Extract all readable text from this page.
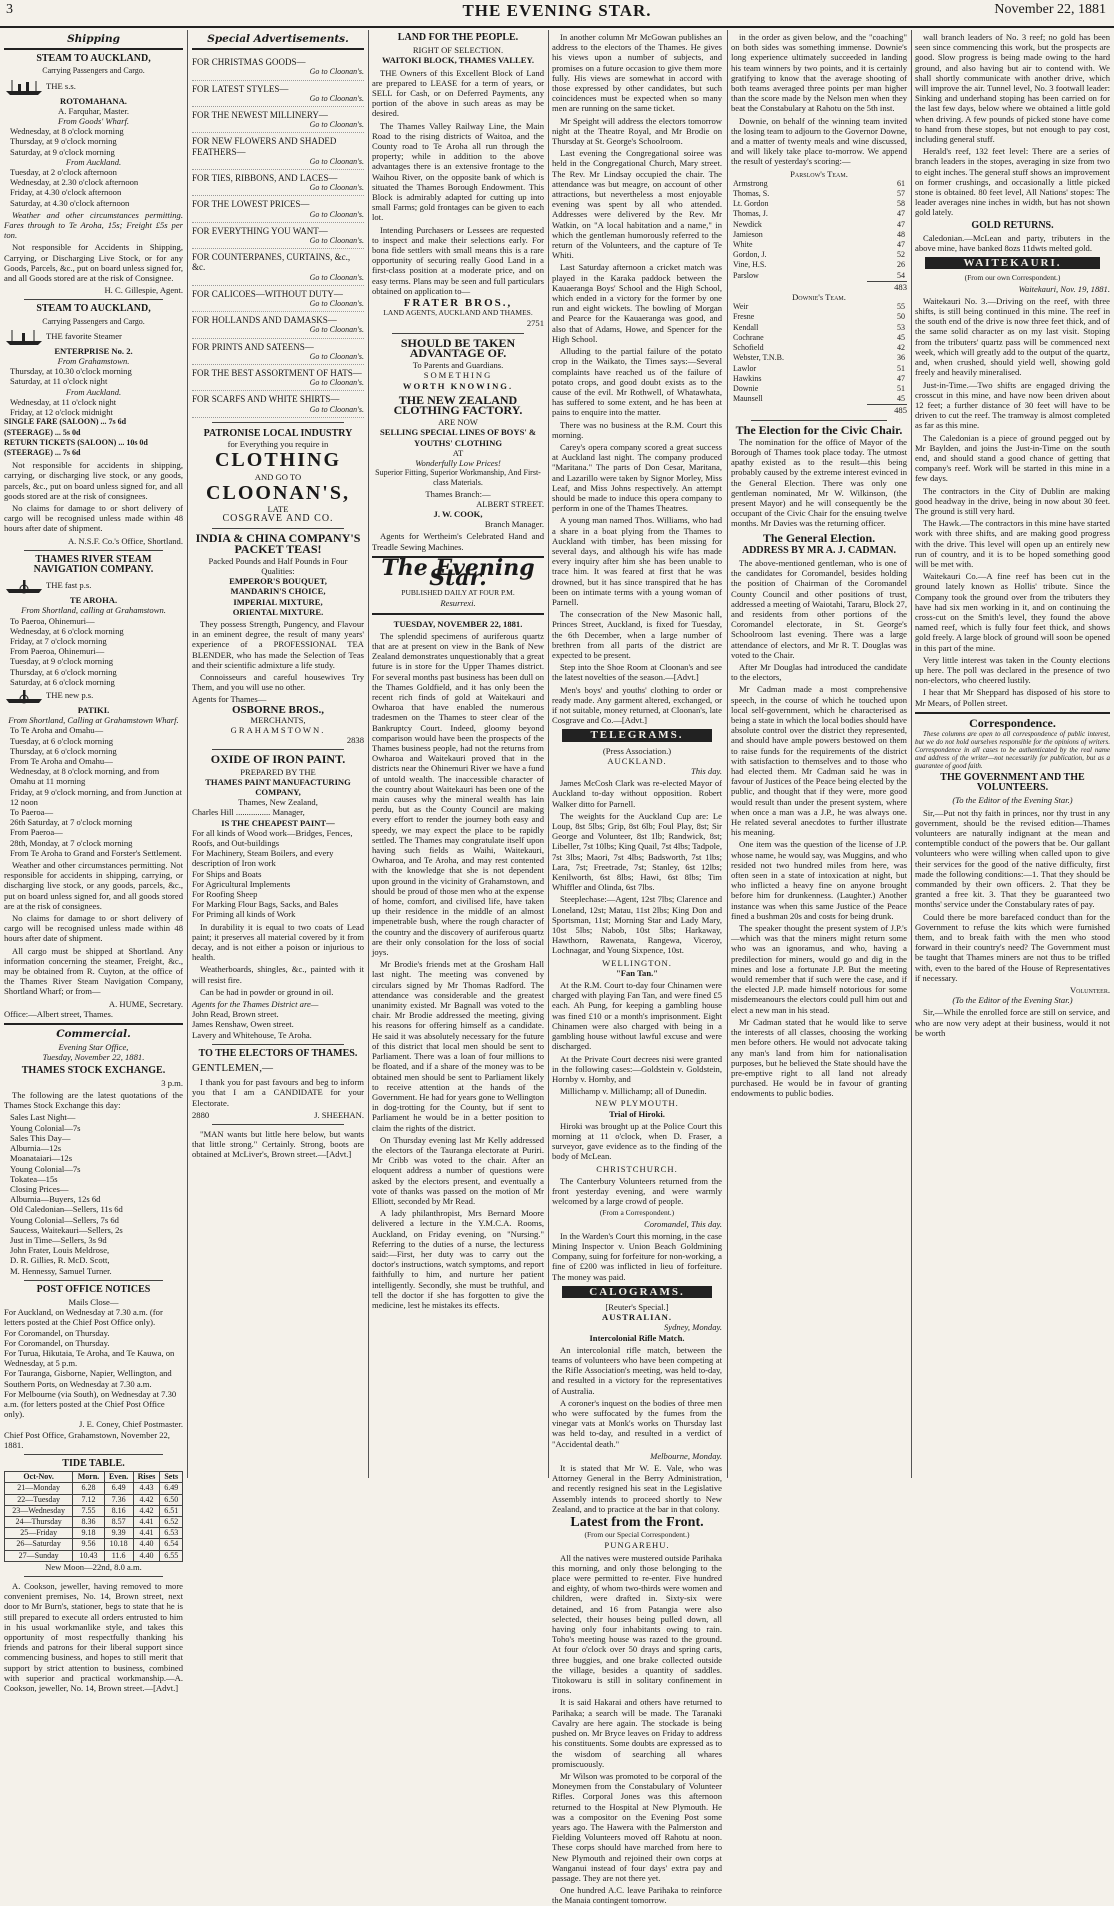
3	THE EVENING STAR.	November 22, 1881
Shipping
STEAM TO AUCKLAND,
Carrying Passengers and Cargo.
THE s.s.
ROTOMAHANA.
A. Farquhar, Master.
From Goods' Wharf.
Wednesday, at 8 o'clock morning
Thursday, at 9 o'clock morning
Saturday, at 9 o'clock morning
From Auckland.
Tuesday, at 2 o'clock afternoon
Wednesday, at 2.30 o'clock afternoon
Friday, at 4.30 o'clock afternoon
Saturday, at 4.30 o'clock afternoon

Weather and other circumstances permitting. Fares through to Te Aroha, 15s; Freight £5s per ton.

Not responsible for Accidents in Shipping, Carrying, or Discharging Live Stock, or for any Goods, Parcels, &c., put on board unless signed for, and all Goods stored are at the risk of Consignee.

H. C. Gillespie, Agent.
STEAM TO AUCKLAND,
Carrying Passengers and Cargo.
THE favorite Steamer
ENTERPRISE No. 2.
From Grahamstown.
Thursday, at 10.30 o'clock morning
Saturday, at 11 o'clock night
From Auckland.
Wednesday, at 11 o'clock night
Friday, at 12 o'clock midnight
SINGLE FARE (SALOON) ... 7s 6d
(STEERAGE) ... 5s 0d
RETURN TICKETS (SALOON) ... 10s 0d
(STEERAGE) ... 7s 6d

Not responsible for accidents in shipping, carrying, or discharging live stock, or any goods, parcels, &c., put on board unless signed for, and all goods stored are at the risk of consignees.

No claims for damage to or short delivery of cargo will be recognised unless made within 48 hours after date of shipment.

A. N.S.F. Co.'s Office, Shortland.
THAMES RIVER STEAM NAVIGATION COMPANY.
THE fast p.s.
TE AROHA.
From Shortland, calling at Grahamstown.
To Paeroa, Ohinemuri—
Wednesday, at 6 o'clock morning
Friday, at 7 o'clock morning
From Paeroa, Ohinemuri—
Tuesday, at 9 o'clock morning
Thursday, at 6 o'clock morning
Saturday, at 6 o'clock morning
THE new p.s.
PATIKI.
From Shortland, Calling at Grahamstown Wharf.
To Te Aroha and Omahu—
Tuesday, at 6 o'clock morning
Thursday, at 6 o'clock morning
From Te Aroha and Omahu—
Wednesday, at 8 o'clock morning, and from Omahu at 11 morning
Friday, at 9 o'clock morning, and from Junction at 12 noon
To Paeroa—
26th Saturday, at 7 o'clock morning
From Paeroa—
28th, Monday, at 7 o'clock morning
From Te Aroha to Grand and Forster's Settlement.

Weather and other circumstances permitting. Not responsible for accidents in shipping, carrying, or discharging live stock, or any goods, parcels, &c., put on board unless signed for, and all goods stored are at the risk of consignees.

No claims for damage to or short delivery of cargo will be recognised unless made within 48 hours after date of shipment.

All cargo must be shipped at Shortland. Any information concerning the steamer, Freight, &c., may be obtained from R. Cuyton, at the office of the Thames River Steam Navigation Company, Shortland Wharf; or from—

A. HUME, Secretary.
Office:—Albert street, Thames.
Commercial.
Evening Star Office,
Tuesday, November 22, 1881.
THAMES STOCK EXCHANGE.
3 p.m.

The following are the latest quotations of the Thames Stock Exchange this day:

Sales Last Night—
Young Colonial—7s
Sales This Day—
Alburnia—12s
Moanataiari—12s
Young Colonial—7s
Tokatea—15s
Closing Prices—
Alburnia—Buyers, 12s 6d
Old Caledonian—Sellers, 11s 6d
Young Colonial—Sellers, 7s 6d
Saucess, Waitekauri—Sellers, 2s
Just in Time—Sellers, 3s 9d
John Frater, Louis Meldrose,
D. R. Gillies, R. McD. Scott,
M. Hennessy, Samuel Turner.
POST OFFICE NOTICES
Mails Close—
For Auckland, on Wednesday at 7.30 a.m. (for letters posted at the Chief Post Office only).
For Coromandel, on Thursday.
For Coromandel, on Thursday.
For Turua, Hikutaia, Te Aroha, and Te Kauwa, on Wednesday, at 5 p.m.
For Tauranga, Gisborne, Napier, Wellington, and Southern Ports, on Wednesday at 7.30 a.m.
For Melbourne (via South), on Wednesday at 7.30 a.m. (for letters posted at the Chief Post Office only).
J. E. Coney, Chief Postmaster.
Chief Post Office, Grahamstown, November 22, 1881.
TIDE TABLE.
Oct-Nov.	Morn.	Even.	Rises	Sets
21—Monday	6.28	6.49	4.43	6.49
22—Tuesday	7.12	7.36	4.42	6.50
23—Wednesday	7.55	8.16	4.42	6.51
24—Thursday	8.36	8.57	4.41	6.52
25—Friday	9.18	9.39	4.41	6.53
26—Saturday	9.56	10.18	4.40	6.54
27—Sunday	10.43	11.6	4.40	6.55
New Moon—22nd, 8.0 a.m.

A. Cookson, jeweller, having removed to more convenient premises, No. 14, Brown street, next door to Mr Burn's, stationer, begs to state that he is still prepared to execute all orders entrusted to him in his usual workmanlike style, and takes this opportunity of most respectfully thanking his friends and patrons for their liberal support since commencing business, and hopes to still merit that support by strict attention to business, combined with superior and practical workmanship.—A. Cookson, jeweller, No. 14, Brown street.—[Advt.]

Special Advertisements.
FOR CHRISTMAS GOODS—
Go to Cloonan's.
FOR LATEST STYLES—
Go to Cloonan's.
FOR THE NEWEST MILLINERY—
Go to Cloonan's.
FOR NEW FLOWERS AND SHADED FEATHERS—
Go to Cloonan's.
FOR TIES, RIBBONS, AND LACES—
Go to Cloonan's.
FOR THE LOWEST PRICES—
Go to Cloonan's.
FOR EVERYTHING YOU WANT—
Go to Cloonan's.
FOR COUNTERPANES, CURTAINS, &c., &c.
Go to Cloonan's.
FOR CALICOES—WITHOUT DUTY—
Go to Cloonan's.
FOR HOLLANDS AND DAMASKS—
Go to Cloonan's.
FOR PRINTS AND SATEENS—
Go to Cloonan's.
FOR THE BEST ASSORTMENT OF HATS—
Go to Cloonan's.
FOR SCARFS AND WHITE SHIRTS—
Go to Cloonan's.
PATRONISE LOCAL INDUSTRY
for Everything you require in
CLOTHING
AND GO TO
CLOONAN'S,
LATE
COSGRAVE AND CO.
INDIA & CHINA COMPANY'S PACKET TEAS!
Packed Pounds and Half Pounds in Four Qualities:
EMPEROR'S BOUQUET,
MANDARIN'S CHOICE,
IMPERIAL MIXTURE,
ORIENTAL MIXTURE.

They possess Strength, Pungency, and Flavour in an eminent degree, the result of many years' experience of a PROFESSIONAL TEA BLENDER, who has made the Selection of Teas and their scientific admixture a life study.

Connoisseurs and careful housewives Try Them, and you will use no other.

Agents for Thames—
OSBORNE BROS.,
MERCHANTS,
GRAHAMSTOWN.
2838
OXIDE OF IRON PAINT.
PREPARED BY THE
THAMES PAINT MANUFACTURING COMPANY,
Thames, New Zealand,
Charles Hill ................ Manager,
IS THE CHEAPEST PAINT—
For all kinds of Wood work—Bridges, Fences, Roofs, and Out-buildings
For Machinery, Steam Boilers, and every description of Iron work
For Ships and Boats
For Agricultural Implements
For Roofing Sheep
For Marking Flour Bags, Sacks, and Bales
For Priming all kinds of Work

In durability it is equal to two coats of Lead paint; it preserves all material covered by it from decay, and is not either a poison or injurious to health.

Weatherboards, shingles, &c., painted with it will resist fire.

Can be had in powder or ground in oil.

Agents for the Thames District are—
John Read, Brown street.
James Renshaw, Owen street.
Lavery and Whitehouse, Te Aroha.
TO THE ELECTORS OF THAMES.
GENTLEMEN,—

I thank you for past favours and beg to inform you that I am a CANDIDATE for your Electorate.

2880	J. SHEEHAN.

"MAN wants but little here below, but wants that little strong." Certainly. Strong, boots are obtained at McLiver's, Brown street.—[Advt.]

LAND FOR THE PEOPLE.
RIGHT OF SELECTION.
WAITOKI BLOCK, THAMES VALLEY.

THE Owners of this Excellent Block of Land are prepared to LEASE for a term of years, or SELL for Cash, or on Deferred Payments, any portion of the above in such areas as may be desired.

The Thames Valley Railway Line, the Main Road to the rising districts of Waitoa, and the County road to Te Aroha all run through the property; while in addition to the above advantages there is an extensive frontage to the Waihou River, on the opposite bank of which is situated the Thames Borough Endowment. This Block is admirably adapted for cutting up into small Farms; gold frontages can be given to each lot.

Intending Purchasers or Lessees are requested to inspect and make their selections early. For bona fide settlers with small means this is a rare opportunity of securing really Good Land in a first-class position at a moderate price, and on easy terms. Plans may be seen and full particulars obtained on application to—

FRATER BROS.,
LAND AGENTS, AUCKLAND AND THAMES.
2751
SHOULD BE TAKEN ADVANTAGE OF.
To Parents and Guardians.
SOMETHING
WORTH KNOWING.
THE NEW ZEALAND CLOTHING FACTORY.
ARE NOW
SELLING SPECIAL LINES OF BOYS' & YOUTHS' CLOTHING
AT
Wonderfully Low Prices!
Superior Fitting, Superior Workmanship, And First-class Materials.
Thames Branch:—
ALBERT STREET.
J. W. COOK,
Branch Manager.

Agents for Wertheim's Celebrated Hand and Treadle Sewing Machines.

The Evening Star.
PUBLISHED DAILY AT FOUR P.M.
Resurrexi.
TUESDAY, NOVEMBER 22, 1881.

The splendid specimens of auriferous quartz that are at present on view in the Bank of New Zealand demonstrates unquestionably that a great future is in store for the Upper Thames district. For several months past business has been dull on the Thames Goldfield, and it has only been the recent rich finds of gold at Waitekauri and Owharoa that have enabled the numerous tradesmen on the Thames to steer clear of the Bankruptcy Court. Indeed, gloomy beyond comparison would have been the prospects of the Thames business people, had not the returns from Owharoa and Waitekauri proved that in the districts near the Ohinemuri River we have a fund of untold wealth. The inaccessible character of the country about Waitekauri has been one of the main causes why the mineral wealth has lain perdu, but as the County Council are making every effort to render the journey both easy and speedy, we may expect the place to be rapidly settled. The Thames may congratulate itself upon having such fields as Waihi, Waitekauri, Owharoa, and Te Aroha, and may rest contented with the knowledge that she is not dependent upon ground in the vicinity of Grahamstown, and should be proud of those men who at the expense of home, comfort, and civilised life, have taken up their residence in the middle of an almost impenetrable bush, where the rough character of the country and the discovery of auriferous quartz are their only consolation for the loss of social joys.

Mr Brodie's friends met at the Grosham Hall last night. The meeting was convened by circulars signed by Mr Thomas Radford. The attendance was considerable and the greatest unanimity existed. Mr Bagnall was voted to the chair. Mr Brodie addressed the meeting, giving his reasons for offering himself as a candidate. He said it was absolutely necessary for the future of this district that local men should be sent to Parliament. There was a loan of four millions to be floated, and if a share of the money was to be obtained men should be sent to Parliament likely to receive attention at the hands of the Government. He had for years gone to Wellington in dog-trotting for the County, but if sent to Parliament he would be in a better position to claim the rights of the district.

On Thursday evening last Mr Kelly addressed the electors of the Tauranga electorate at Puriri. Mr Cribb was voted to the chair. After an eloquent address a number of questions were asked by the electors present, and eventually a vote of thanks was passed on the motion of Mr Elliott, seconded by Mr Read.

A lady philanthropist, Mrs Bernard Moore delivered a lecture in the Y.M.C.A. Rooms, Auckland, on Friday evening, on "Nursing." Referring to the duties of a nurse, the lecturess said:—First, her duty was to carry out the doctor's instructions, watch symptoms, and report faithfully to him, and nurture her patient intelligently. Secondly, she must be truthful, and tell the doctor if she has forgotten to give the medicine, lest he mistakes its effects.

In another column Mr McGowan publishes an address to the electors of the Thames. He gives his views upon a number of subjects, and promises on a future occasion to give them more fully. His views are somewhat in accord with those expressed by other candidates, but such coincidences must be expected when so many men are running on the same ticket.

Mr Speight will address the electors tomorrow night at the Theatre Royal, and Mr Brodie on Thursday at St. George's Schoolroom.

Last evening the Congregational soiree was held in the Congregational Church, Mary street. The Rev. Mr Lindsay occupied the chair. The attendance was but meagre, on account of other attractions, but nevertheless a most enjoyable evening was spent by all who attended. Addresses were delivered by the Rev. Mr Watkin, on "A local habitation and a name," in which the gentleman humorously referred to the return of the Volunteers, and the capture of Te Whiti.

Last Saturday afternoon a cricket match was played in the Karaka paddock between the Kauaeranga Boys' School and the High School, which ended in a victory for the former by one run and eight wickets. The bowling of Morgan and Pearce for the Kauaeranga was good, and also that of Adams, Howe, and Spencer for the High School.

Alluding to the partial failure of the potato crop in the Waikato, the Times says:—Several complaints have reached us of the failure of potato crops, and good doubt exists as to the cause of the evil. Mr Rothwell, of Whatawhata, has suffered to some extent, and he has been at pains to enquire into the matter.

There was no business at the R.M. Court this morning.

Carey's opera company scored a great success at Auckland last night. The company produced "Maritana." The parts of Don Cesar, Maritana, and Lazarillo were taken by Signor Morley, Miss Leaf, and Miss Johns respectively. An attempt should be made to induce this opera company to perform in one of the Thames Theatres.

A young man named Thos. Williams, who had a share in a boat plying from the Thames to Auckland with timber, has been missing for several days, and although his wife has made every inquiry after him she has been unable to trace him. It was feared at first that he was drowned, but it has since transpired that he has been on intimate terms with a young woman of Parnell.

The consecration of the New Masonic hall, Princes Street, Auckland, is fixed for Tuesday, the 6th December, when a large number of brethren from all parts of the district are expected to be present.

Step into the Shoe Room at Cloonan's and see the latest novelties of the season.—[Advt.]

Men's boys' and youths' clothing to order or ready made. Any garment altered, exchanged, or if not suitable, money returned, at Cloonan's, late Cosgrave and Co.—[Advt.]

TELEGRAMS.
(Press Association.)
AUCKLAND.
This day.

James McCosh Clark was re-elected Mayor of Auckland to-day without opposition. Robert Walker ditto for Parnell.

The weights for the Auckland Cup are: Le Loup, 8st 5lbs; Grip, 8st 6lb; Foul Play, 8st; Sir George and Volunteer, 8st 1lb; Randwick, 8st; Libeller, 7st 10lbs; King Quail, 7st 4lbs; Tadpole, 7st 3lbs; Maori, 7st 4lbs; Badsworth, 7st 1lbs; Lara, 7st; Freetrade, 7st; Stanley, 6st 12lbs; Kenilworth, 6st 8lbs; Hawi, 6st 8lbs; Tim Whiffler and Olinda, 6st 7lbs.

Steeplechase:—Agent, 12st 7lbs; Clarence and Loneland, 12st; Matau, 11st 2lbs; King Don and Sportsman, 11st; Morning Star and Lady Mary, 10st 5lbs; Nabob, 10st 5lbs; Harkaway, Hawthorn, Rawenata, Rangewa, Viceroy, Lochnagar, and Young Sixpence, 10st.

WELLINGTON.
"Fan Tan."

At the R.M. Court to-day four Chinamen were charged with playing Fan Tan, and were fined £5 each. Ah Pung, for keeping a gambling house was fined £10 or a month's imprisonment. Eight Chinamen were also charged with being in a gambling house without lawful excuse and were discharged.

At the Private Court decrees nisi were granted in the following cases:—Goldstein v. Goldstein, Hornby v. Hornby, and

Millichamp v. Millichamp; all of Dunedin.

NEW PLYMOUTH.
Trial of Hiroki.

Hiroki was brought up at the Police Court this morning at 11 o'clock, when D. Fraser, a surveyor, gave evidence as to the finding of the body of McLean.

CHRISTCHURCH.

The Canterbury Volunteers returned from the front yesterday evening, and were warmly welcomed by a large crowd of people.

(From a Correspondent.)
Coromandel, This day.

In the Warden's Court this morning, in the case Mining Inspector v. Union Beach Goldmining Company, suing for forfeiture for non-working, a fine of £200 was inflicted in lieu of forfeiture. The money was paid.

CALOGRAMS.
[Reuter's Special.]
AUSTRALIAN.
Sydney, Monday.
Intercolonial Rifle Match.

An intercolonial rifle match, between the teams of volunteers who have been competing at the Rifle Association's meeting, was held to-day, and resulted in a victory for the representatives of Australia.

A coroner's inquest on the bodies of three men who were suffocated by the fumes from the vinegar vats at Monk's works on Thursday last was held to-day, and resulted in a verdict of "Accidental death."

Melbourne, Monday.

It is stated that Mr W. E. Vale, who was Attorney General in the Berry Administration, and recently resigned his seat in the Legislative Assembly intends to proceed shortly to New Zealand, and to practice at the bar in that colony.

Latest from the Front.
(From our Special Correspondent.)
PUNGAREHU.

All the natives were mustered outside Parihaka this morning, and only those belonging to the place were permitted to re-enter. Five hundred and eighty, of whom two-thirds were women and children, were drafted in. Sixty-six were detained, and 16 from Patangia were also selected, their houses being pulled down, all having only four inhabitants owing to rain. Toho's meeting house was razed to the ground. At four o'clock over 50 drays and spring carts, three buggies, and one brake collected outside the village, besides a quantity of saddles. Titokowaru is still in solitary confinement in irons.

It is said Hakarai and others have returned to Parihaka; a search will be made. The Taranaki Cavalry are here again. The stockade is being pushed on. Mr Bryce leaves on Friday to address his constituents. Some doubts are expressed as to the wisdom of searching all whares promiscuously.

Mr Wilson was promoted to be corporal of the Moneymen from the Constabulary of Volunteer Rifles. Corporal Jones was this afternoon returned to the Hospital at New Plymouth. He was a compositor on the Evening Post some years ago. The Hawera with the Palmerston and Fielding Volunteers moved off Rahotu at noon. These corps should have marched from here to New Plymouth and rejoined their own corps at Wanganui instead of four days' extra pay and passage. They are not there yet.

One hundred A.C. leave Parihaka to reinforce the Manaia contingent tomorrow.

in the order as given below, and the "coaching" on both sides was something immense. Downie's long experience ultimately succeeded in landing his team winners by two points, and it is certainly gratifying to know that the average shooting of both teams averaged three points per man higher than the score made by the Nelson men when they beat the Constabulary at Rahotu on the 5th inst.

Downie, on behalf of the winning team invited the losing team to adjourn to the Governor Downe, and a matter of twenty meals and wine discussed, and will likely take place to-morrow. We append the result of yesterday's scoring:—

Parslow's Team.
Armstrong	61
Thomas, S.	57
Lt. Gordon	58
Thomas, J.	47
Newdick	47
Jamieson	48
White	47
Gordon, J.	52
Vine, H.S.	26
Parslow	54
483
Downie's Team.
Weir	55
Fresne	50
Kendall	53
Cochrane	45
Schofield	42
Webster, T.N.B.	36
Lawlor	51
Hawkins	47
Downie	51
Maunsell	45
485
The Election for the Civic Chair.

The nomination for the office of Mayor of the Borough of Thames took place today. The utmost apathy existed as to the result—this being probably caused by the extreme interest evinced in the General Election. There was only one gentleman nominated, Mr W. Wilkinson, (the present Mayor) and he will consequently be the occupant of the Civic Chair for the ensuing twelve months. Mr Davies was the returning officer.

The General Election.
ADDRESS BY MR A. J. CADMAN.

The above-mentioned gentleman, who is one of the candidates for Coromandel, besides holding the position of Chairman of the Coromandel County Council and other positions of trust, addressed a meeting of Waiotahi, Tararu, Block 27, and residents from other portions of the Coromandel electorate, in St. George's Schoolroom last evening. There was a large attendance of electors, and Mr R. T. Douglas was voted to the Chair.

After Mr Douglas had introduced the candidate to the electors,

Mr Cadman made a most comprehensive speech, in the course of which he touched upon local self-government, which he characterised as being a state in which the local bodies should have absolute control over the district they represented, and should have ample powers bestowed on them to raise funds for the requirements of the district with satisfaction to themselves and to those who had elected them. Mr Cadman said he was in favour of Justices of the Peace being elected by the public, and thought that if they were, more good would result than under the present system, where when once a man was a J.P., he was always one. He related several anecdotes to further illustrate his meaning.

One item was the question of the license of J.P. whose name, he would say, was Muggins, and who resided not two hundred miles from here, was often seen in a state of intoxication at night, but who inflicted a heavy fine on anyone brought before him for drunkenness. (Laughter.) Another instance was when this same Justice of the Peace fined a bushman 20s and costs for being drunk.

The speaker thought the present system of J.P.'s—which was that the miners might return some who was an ignoramus, and who, having a predilection for miners, would go and dig in the mines and lose a fortunate J.P. But the meeting would remember that if such were the case, and if the elected J.P. made himself notorious for some misdemeanours the electors could pull him out and elect a new man in his stead.

Mr Cadman stated that he would like to serve the interests of all classes, choosing the working men before others. He would not advocate taking any man's land from him for nationalisation purposes, but he believed the State should have the pre-emptive right to all land not already purchased. He would be in favour of granting endowments to public bodies.

wall branch leaders of No. 3 reef; no gold has been seen since commencing this work, but the prospects are good. Slow progress is being made owing to the hard ground, and also having but air to contend with. We shall shortly communicate with another drive, which will improve the air. Tunnel level, No. 3 footwall leader: Sinking and underhand stoping has been carried on for the last few days, below where we obtained a little gold when driving. A few pounds of picked stone have come to hand from these stopes, but not enough to pay cost, including general stuff.

Herald's reef, 132 feet level: There are a series of branch leaders in the stopes, averaging in size from two to eight inches. The general stuff shows an improvement on former crushings, and occasionally a little picked stone is obtained. 80 feet level, All Nations' stopes: The leader averages nine inches in width, but has not shown gold lately.

GOLD RETURNS.

Caledonian.—McLean and party, tributers in the above mine, have banked 8ozs 11dwts melted gold.

WAITEKAURI.
(From our own Correspondent.)
Waitekauri, Nov. 19, 1881.

Waitekauri No. 3.—Driving on the reef, with three shifts, is still being continued in this mine. The reef in the south end of the drive is now three feet thick, and of the same solid character as on my last visit. Stoping from the tributers' quartz pass will be commenced next week, which will greatly add to the output of the quartz, and, when crushed, should yield well, showing gold freely and heavily mineralised.

Just-in-Time.—Two shifts are engaged driving the crosscut in this mine, and have now been driven about 12 feet; a further distance of 30 feet will have to be driven to cut the reef. The tramway is almost completed as far as this mine.

The Caledonian is a piece of ground pegged out by Mr Baylden, and joins the Just-in-Time on the south end, and should stand a good chance of getting that company's reef. Work will be started in this mine in a few days.

The contractors in the City of Dublin are making good headway in the drive, being in now about 30 feet. The ground is still very hard.

The Hawk.—The contractors in this mine have started work with three shifts, and are making good progress with the drive. This level will open up an entirely new run of country, and it is to be hoped something good will be met with.

Waitekauri Co.—A fine reef has been cut in the ground lately known as Hollis' tribute. Since the Company took the ground over from the tributers they have had six men working in it, and on continuing the cross-cut on the Smith's level, they found the above named reef, which is fully four feet thick, and shows gold freely. A large block of ground will soon be opened in this part of the mine.

Very little interest was taken in the County elections up here. The poll was declared in the presence of two non-electors, who cheered lustily.

I hear that Mr Sheppard has disposed of his store to Mr Mears, of Pollen street.

Correspondence.

These columns are open to all correspondence of public interest, but we do not hold ourselves responsible for the opinions of writers. Correspondence in all cases to be authenticated by the real name and address of the writer—not necessarily for publication, but as a guarantee of good faith.

THE GOVERNMENT AND THE VOLUNTEERS.
(To the Editor of the Evening Star.)

Sir,—Put not thy faith in princes, nor thy trust in any government, should be the revised edition—Thames volunteers are naturally indignant at the mean and contemptible conduct of the powers that be. Our gallant volunteers who were willing when called upon to give their services for the good of the native difficulty, first made the following conditions:—1. That they should be commanded by their own officers. 2. That they be granted a free kit. 3. That they be guaranteed two months' service under the Constabulary rates of pay.

Could there be more barefaced conduct than for the Government to refuse the kits which were furnished them, and to break faith with the men who stood forward in their country's need? The Government must be taught that Thames miners are not thus to be trifled with, even to the bared of the House of Representatives if necessary.

Volunteer.
(To the Editor of the Evening Star.)

Sir,—While the enrolled force are still on service, and who are now very adept at their business, would it not be worth
